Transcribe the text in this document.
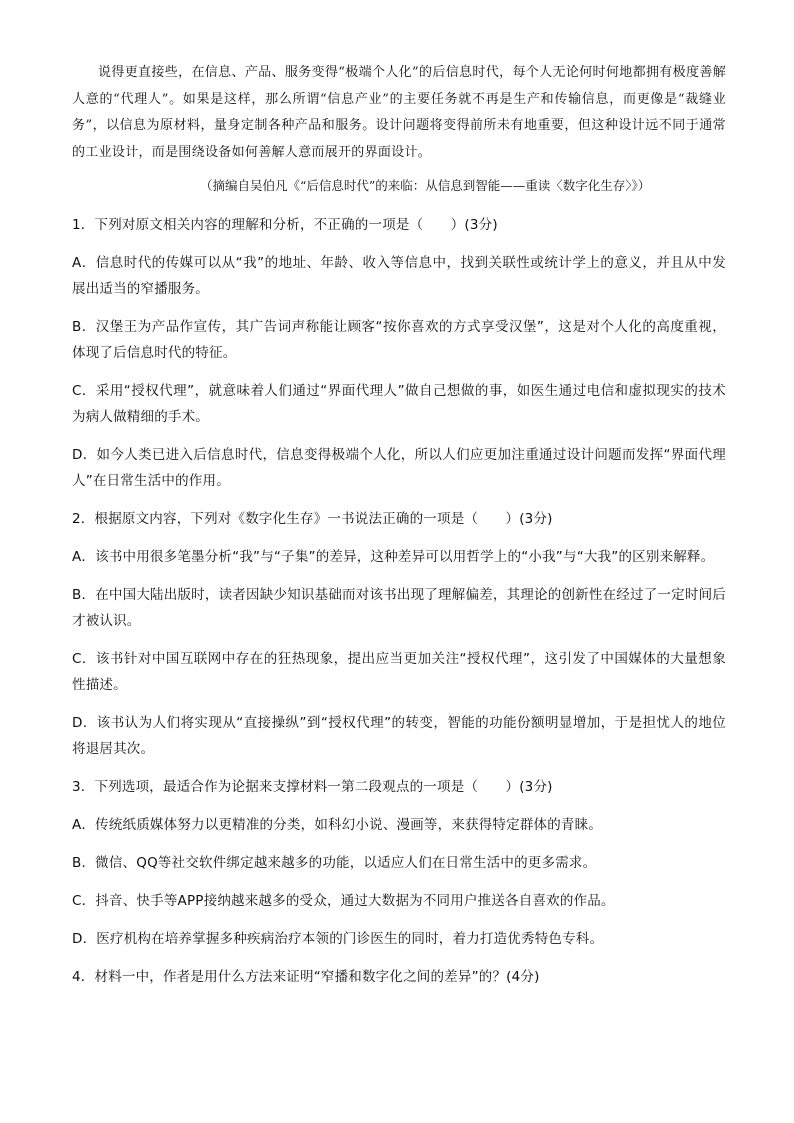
说得更直接些，在信息、产品、服务变得“极端个人化”的后信息时代，每个人无论何时何地都拥有极度善解人意的“代理人”。如果是这样，那么所谓“信息产业”的主要任务就不再是生产和传输信息，而更像是“裁缝业务”，以信息为原材料，量身定制各种产品和服务。设计问题将变得前所未有地重要，但这种设计远不同于通常的工业设计，而是围绕设备如何善解人意而展开的界面设计。

（摘编自吴伯凡《“后信息时代”的来临：从信息到智能——重读〈数字化生存〉》）

1．下列对原文相关内容的理解和分析，不正确的一项是（　　）(3分)

A．信息时代的传媒可以从“我”的地址、年龄、收入等信息中，找到关联性或统计学上的意义，并且从中发展出适当的窄播服务。

B．汉堡王为产品作宣传，其广告词声称能让顾客“按你喜欢的方式享受汉堡”，这是对个人化的高度重视，体现了后信息时代的特征。

C．采用“授权代理”，就意味着人们通过“界面代理人”做自己想做的事，如医生通过电信和虚拟现实的技术为病人做精细的手术。

D．如今人类已进入后信息时代，信息变得极端个人化，所以人们应更加注重通过设计问题而发挥“界面代理人”在日常生活中的作用。

2．根据原文内容，下列对《数字化生存》一书说法正确的一项是（　　）(3分)

A．该书中用很多笔墨分析“我”与“子集”的差异，这种差异可以用哲学上的“小我”与“大我”的区别来解释。

B．在中国大陆出版时，读者因缺少知识基础而对该书出现了理解偏差，其理论的创新性在经过了一定时间后才被认识。

C．该书针对中国互联网中存在的狂热现象，提出应当更加关注“授权代理”，这引发了中国媒体的大量想象性描述。

D．该书认为人们将实现从“直接操纵”到“授权代理”的转变，智能的功能份额明显增加，于是担忧人的地位将退居其次。

3．下列选项，最适合作为论据来支撑材料一第二段观点的一项是（　　）(3分)

A．传统纸质媒体努力以更精准的分类，如科幻小说、漫画等，来获得特定群体的青睐。

B．微信、QQ等社交软件绑定越来越多的功能，以适应人们在日常生活中的更多需求。

C．抖音、快手等APP接纳越来越多的受众，通过大数据为不同用户推送各自喜欢的作品。

D．医疗机构在培养掌握多种疾病治疗本领的门诊医生的同时，着力打造优秀特色专科。

4．材料一中，作者是用什么方法来证明“窄播和数字化之间的差异”的？(4分)
